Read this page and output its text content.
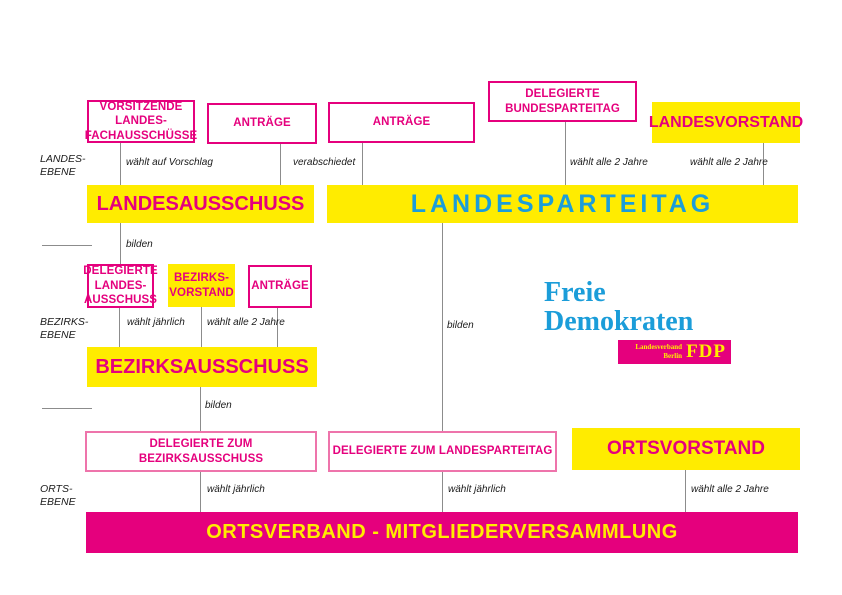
LANDES-
EBENE
BEZIRKS-
EBENE
ORTS-
EBENE
wählt auf Vorschlag	verabschiedet	wählt alle 2 Jahre	wählt alle 2 Jahre
bilden
wählt jährlich wählt alle 2 Jahre
bilden
bilden
wählt jährlich	wählt jährlich	wählt alle 2 Jahre
VORSITZENDE
LANDES-
FACHAUSSCHÜSSE
ANTRÄGE	ANTRÄGE
DELEGIERTE
BUNDESPARTEITAG
LANDESVORSTAND
LANDESAUSSCHUSS	LANDESPARTEITAG
DELEGIERTE
LANDES-
AUSSCHUSS
BEZIRKS-
VORSTAND
ANTRÄGE
BEZIRKSAUSSCHUSS
DELEGIERTE ZUM BEZIRKSAUSSCHUSS
DELEGIERTE ZUM LANDESPARTEITAG	ORTSVORSTAND
ORTSVERBAND - MITGLIEDERVERSAMMLUNG
Freie
Demokraten
Landesverband
Berlin FDP
